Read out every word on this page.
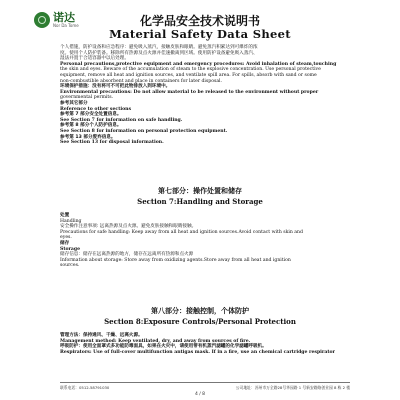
诺达
Nor Da Tome	化学品安全技术说明书
Material Safety Data Sheet

个人措施，防护设备和应急程序：避免吸入蒸汽，接触皮肤和眼睛。避免蒸汽积累达到可爆炸的浓

度。使用个人防护装备。移除所有热源及点火源并佳速撤离到区域。使用防护设备避免吸入蒸汽、

湿法并置于合适容器中以后处理。

Personal precautions,protective equipment and emergency procedures: Avoid inhalation of steam,touching

the skin and eyes. Beware of the accumulation of steam to the explosive concentration. Use personal protective

equipment, remove all heat and ignition sources, and ventilate spill area. For spills, absorb with sand or some

non-combustible absorbent and place in containers for later disposal.

环境保护措施：没有将可不可把此物排放入到环境中。

Environmental precautions: Do not allow material to be released to the environment without proper

governmental permits.

参考其它部分

Reference to other sections

参考第 7 部分安全处置信息。

See Section 7 for information on safe handling.

参考第 8 部分个人防护信息。

See Section 8 for information on personal protection equipment.

参考第 13 部分废弃信息。

See Section 13 for disposal information.

第七部分：操作处置和储存
Section 7:Handling and Storage

处置

Handling

安全操作注意事项: 远离热源及点火源。避免皮肤接触和眼睛接触。

Precautions for safe handling: Keep away from all heat and ignition sources.Avoid contact with skin and

eyes.

储存

Storage

储存信息：储存在远离热源的地方，储存在远离所有热源和点火源

Information about storage: Store away from oxidizing agents.Store away from all heat and ignition

sources.

第八部分：接触控制，个体防护
Section 8:Exposure Controls/Personal Protection

管理方法：保持通风、干燥、远离火源。

Management method: Keep ventilated, dry, and away from sources of fire.

呼吸防护：使用全面罩式多功能防毒面具，如果在火灾中，请使用带有机蒸汽滤罐的化学滤罐呼吸机。

Respirators: Use of full-cover multifunction antigas mask. If in a fire, use an chemical cartridge respirator

联系电话：0512-58791030	公司地址：苏州市万全路28号华园路 1 号新安路路创业园 8 栋 2 楼
4 / 8
